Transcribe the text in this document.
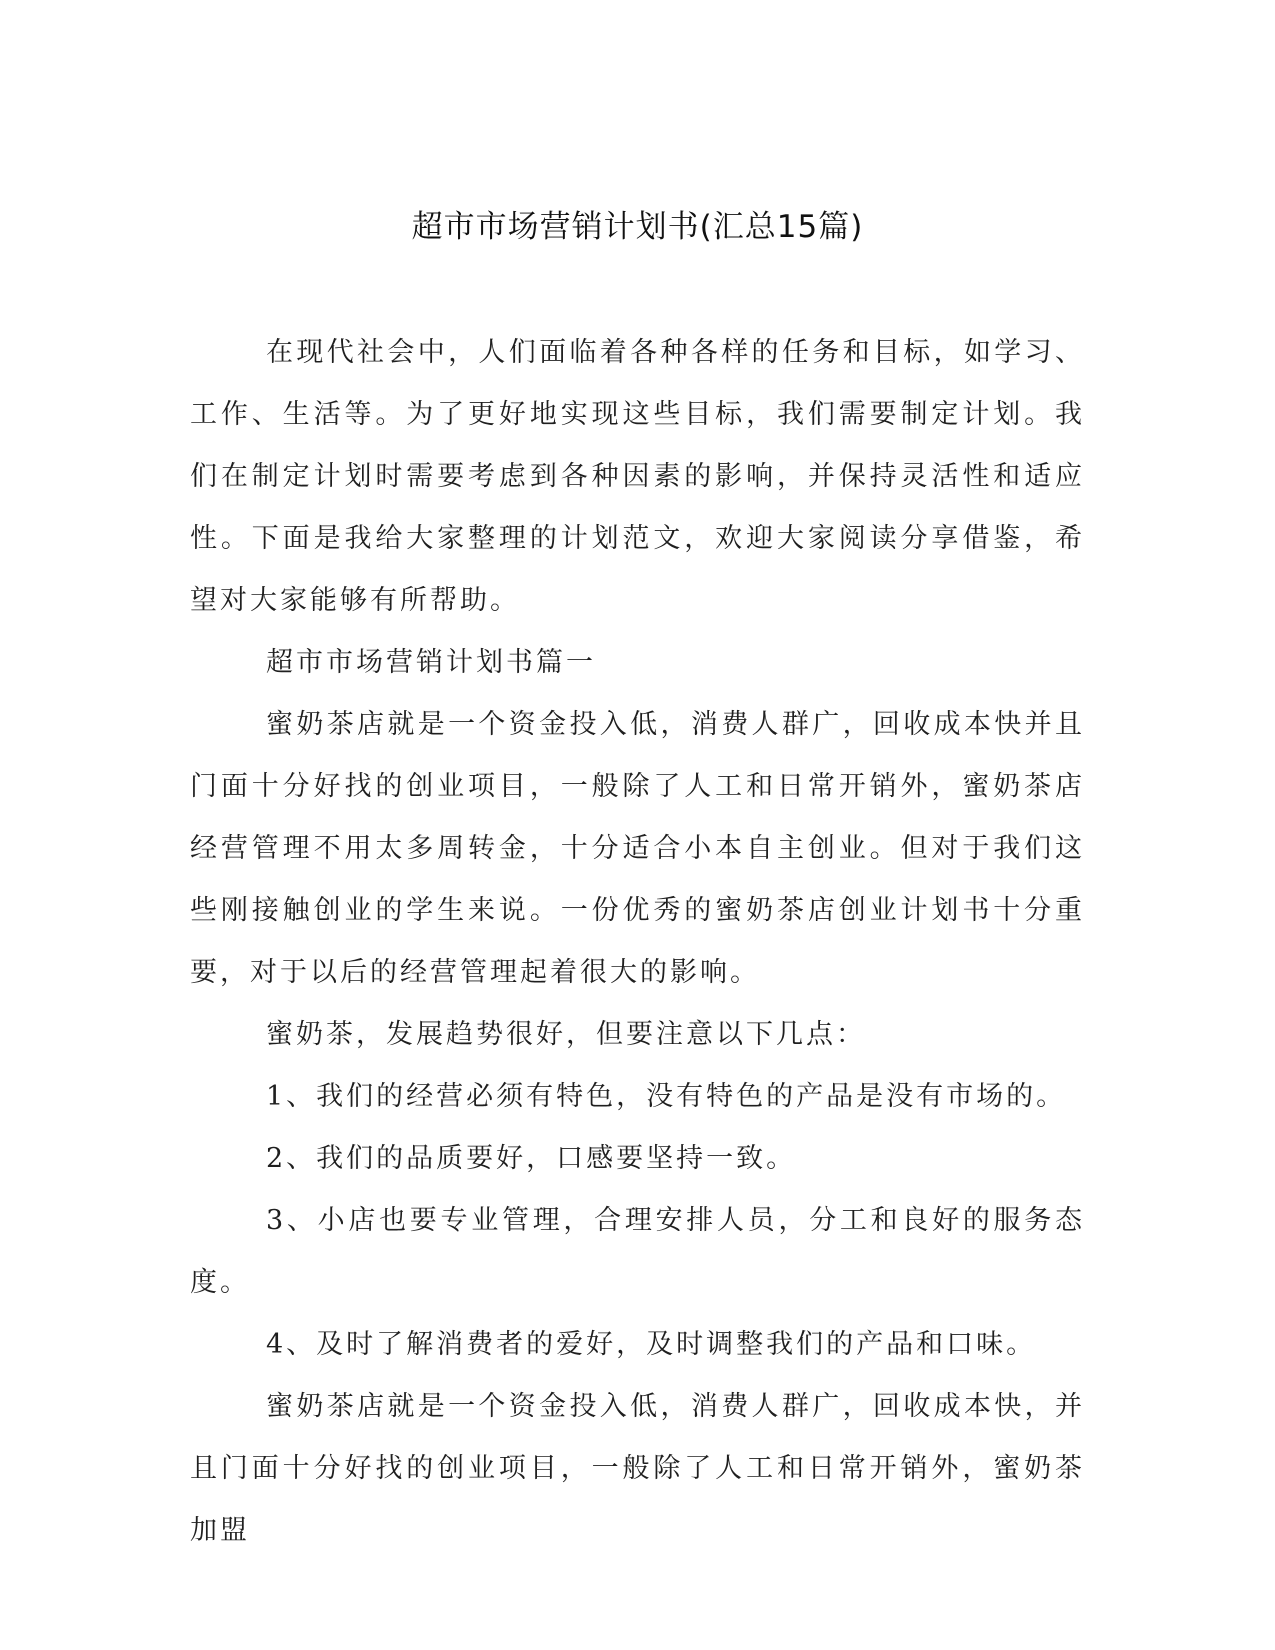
超市市场营销计划书(汇总15篇)

在现代社会中，人们面临着各种各样的任务和目标，如学习、工作、生活等。为了更好地实现这些目标，我们需要制定计划。我们在制定计划时需要考虑到各种因素的影响，并保持灵活性和适应性。下面是我给大家整理的计划范文，欢迎大家阅读分享借鉴，希望对大家能够有所帮助。

超市市场营销计划书篇一

蜜奶茶店就是一个资金投入低，消费人群广，回收成本快并且门面十分好找的创业项目，一般除了人工和日常开销外，蜜奶茶店经营管理不用太多周转金，十分适合小本自主创业。但对于我们这些刚接触创业的学生来说。一份优秀的蜜奶茶店创业计划书十分重要，对于以后的经营管理起着很大的影响。

蜜奶茶，发展趋势很好，但要注意以下几点：

1、我们的经营必须有特色，没有特色的产品是没有市场的。

2、我们的品质要好，口感要坚持一致。

3、小店也要专业管理，合理安排人员，分工和良好的服务态度。

4、及时了解消费者的爱好，及时调整我们的产品和口味。

蜜奶茶店就是一个资金投入低，消费人群广，回收成本快，并且门面十分好找的创业项目，一般除了人工和日常开销外，蜜奶茶加盟
